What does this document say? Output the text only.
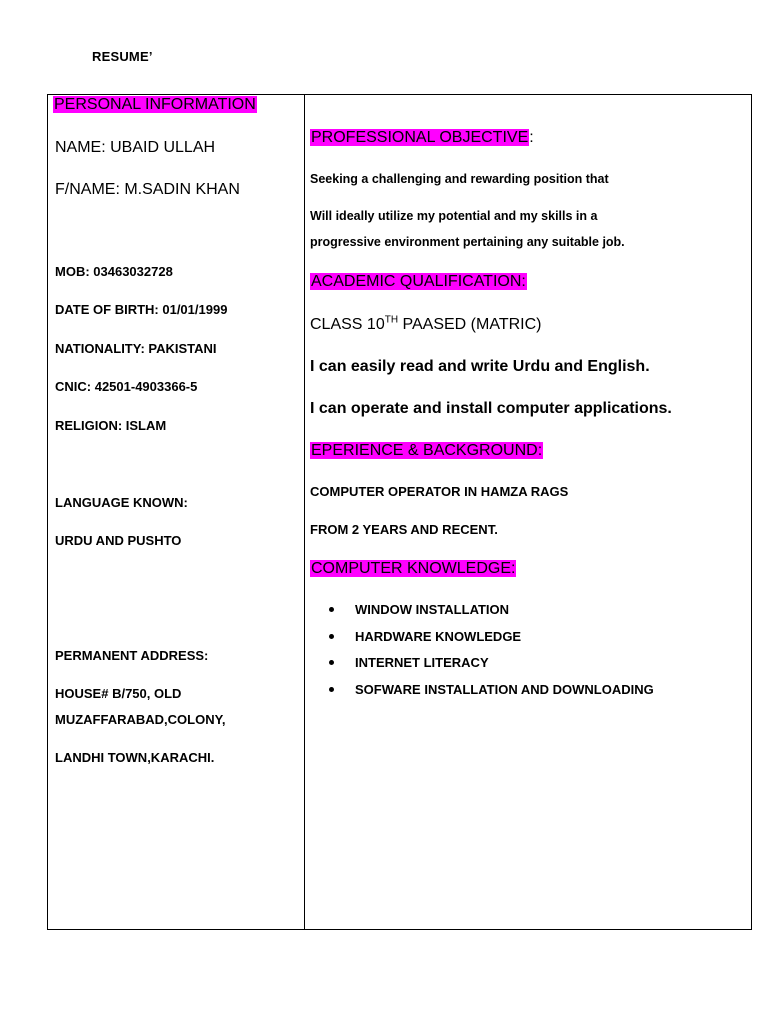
RESUME’
PERSONAL INFORMATION
NAME: UBAID ULLAH
F/NAME: M.SADIN KHAN
MOB: 03463032728
DATE OF BIRTH: 01/01/1999
NATIONALITY: PAKISTANI
CNIC: 42501-4903366-5
RELIGION: ISLAM
LANGUAGE KNOWN:
URDU AND PUSHTO
PERMANENT ADDRESS:
HOUSE# B/750, OLD
MUZAFFARABAD,COLONY,
LANDHI TOWN,KARACHI.
PROFESSIONAL OBJECTIVE:
Seeking a challenging and rewarding position that
Will ideally utilize my potential and my skills in a
progressive environment pertaining any suitable job.
ACADEMIC QUALIFICATION:
CLASS 10TH PAASED (MATRIC)
I can easily read and write Urdu and English.
I can operate and install computer applications.
EPERIENCE & BACKGROUND:
COMPUTER OPERATOR IN HAMZA RAGS
FROM 2 YEARS AND RECENT.
COMPUTER KNOWLEDGE:
WINDOW INSTALLATION
HARDWARE KNOWLEDGE
INTERNET LITERACY
SOFWARE INSTALLATION AND DOWNLOADING
